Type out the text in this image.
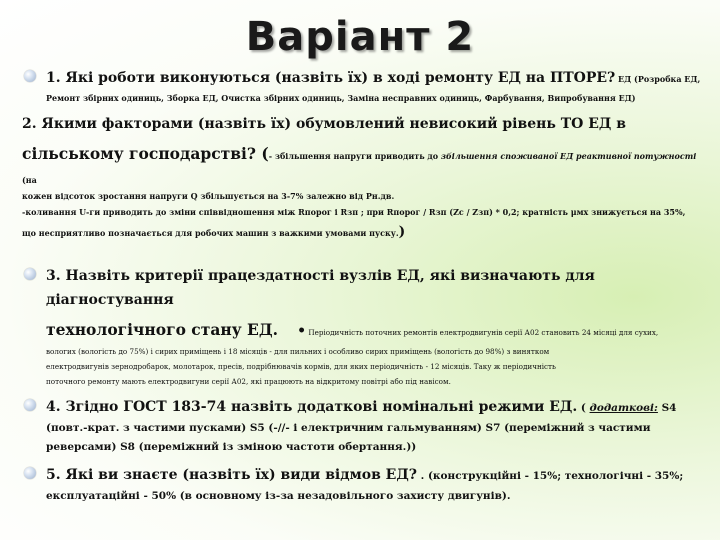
Варіант 2
1. Які роботи виконуються (назвіть їх) в ході ремонту ЕД на ПТОРЕ? ЕД (Розробка ЕД,
Ремонт збірних одиниць, Зборка ЕД, Очистка збірних одиниць, Заміна несправних одиниць, Фарбування, Випробування ЕД)
2. Якими факторами (назвіть їх) обумовлений невисокий рівень ТО ЕД в
сільському господарстві? (- збільшення напруги приводить до збільшення споживаної ЕД реактивної потужності (на
кожен відсоток зростання напруги Q збільшується на 3-7% залежно від Pн.дв.
-коливання U-ги приводить до зміни співвідношення між Rпорог і Rзп ; при Rпорог / Rзп (Zс / Zзп) * 0,2; кратність μмх знижується на 35%,
що несприятливо позначається для робочих машин з важкими умовами пуску.)
3. Назвіть критерії працездатності вузлів ЕД, які визначають для діагностування
технологічного стану ЕД. • Періодичність поточних ремонтів електродвигунів серії А02 становить 24 місяці для сухих,
вологих (вологість до 75%) і сирих приміщень і 18 місяців - для пильних і особливо сирих приміщень (вологість до 98%) з винятком
електродвигунів зернодробарок, молотарок, пресів, подрібнювачів кормів, для яких періодичність - 12 місяців. Таку ж періодичність
поточного ремонту мають електродвигуни серії А02, які працюють на відкритому повітрі або під навісом.
4. Згідно ГОСТ 183-74 назвіть додаткові номінальні режими ЕД. ( додаткові: S4
(повт.-крат. з частими пусками) S5 (-//- і електричним гальмуванням) S7 (переміжний з частими
реверсами) S8 (переміжний із зміною частоти обертання.))
5. Які ви знаєте (назвіть їх) види відмов ЕД? . (конструкційні - 15%; технологічні - 35%;
експлуатаційні - 50% (в основному із-за незадовільного захисту двигунів).
